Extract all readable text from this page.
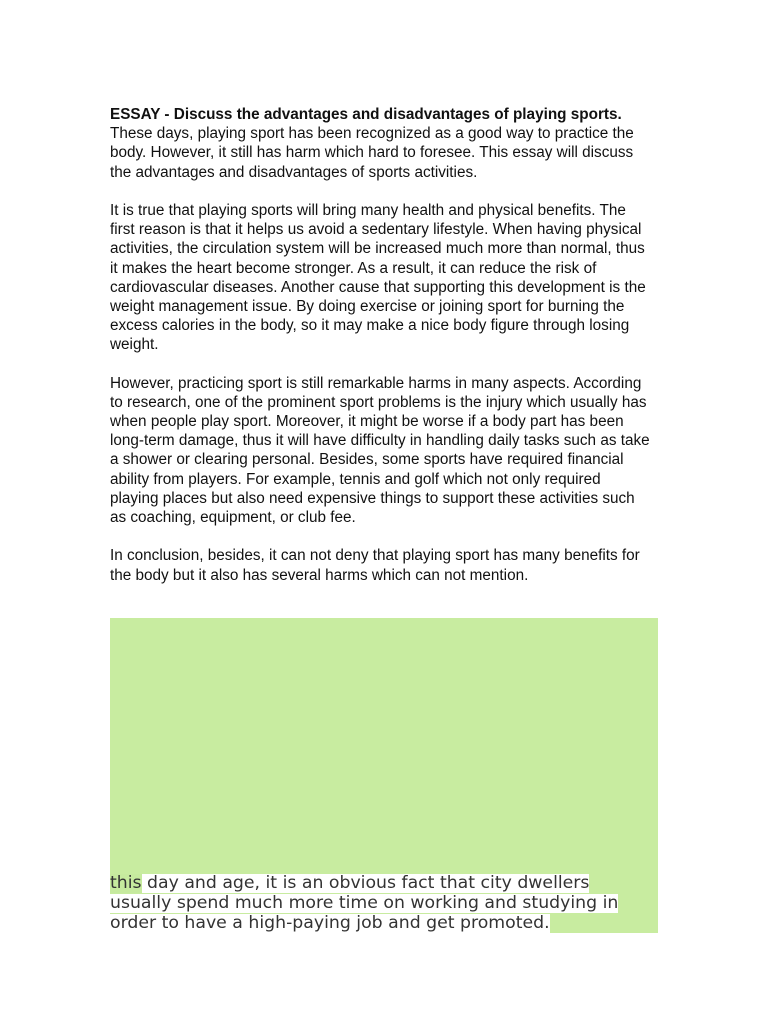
ESSAY - Discuss the advantages and disadvantages of playing sports.
These days, playing sport has been recognized as a good way to practice the
body. However, it still has harm which hard to foresee. This essay will discuss
the advantages and disadvantages of sports activities.
It is true that playing sports will bring many health and physical benefits. The
first reason is that it helps us avoid a sedentary lifestyle. When having physical
activities, the circulation system will be increased much more than normal, thus
it makes the heart become stronger. As a result, it can reduce the risk of
cardiovascular diseases. Another cause that supporting this development is the
weight management issue. By doing exercise or joining sport for burning the
excess calories in the body, so it may make a nice body figure through losing
weight.
However, practicing sport is still remarkable harms in many aspects. According
to research, one of the prominent sport problems is the injury which usually has
when people play sport. Moreover, it might be worse if a body part has been
long-term damage, thus it will have difficulty in handling daily tasks such as take
a shower or clearing personal. Besides, some sports have required financial
ability from players. For example, tennis and golf which not only required
playing places but also need expensive things to support these activities such
as coaching, equipment, or club fee.
In conclusion, besides, it can not deny that playing sport has many benefits for
the body but it also has several harms which can not mention.
this day and age, it is an obvious fact that city dwellers
usually spend much more time on working and studying in
order to have a high-paying job and get promoted.
